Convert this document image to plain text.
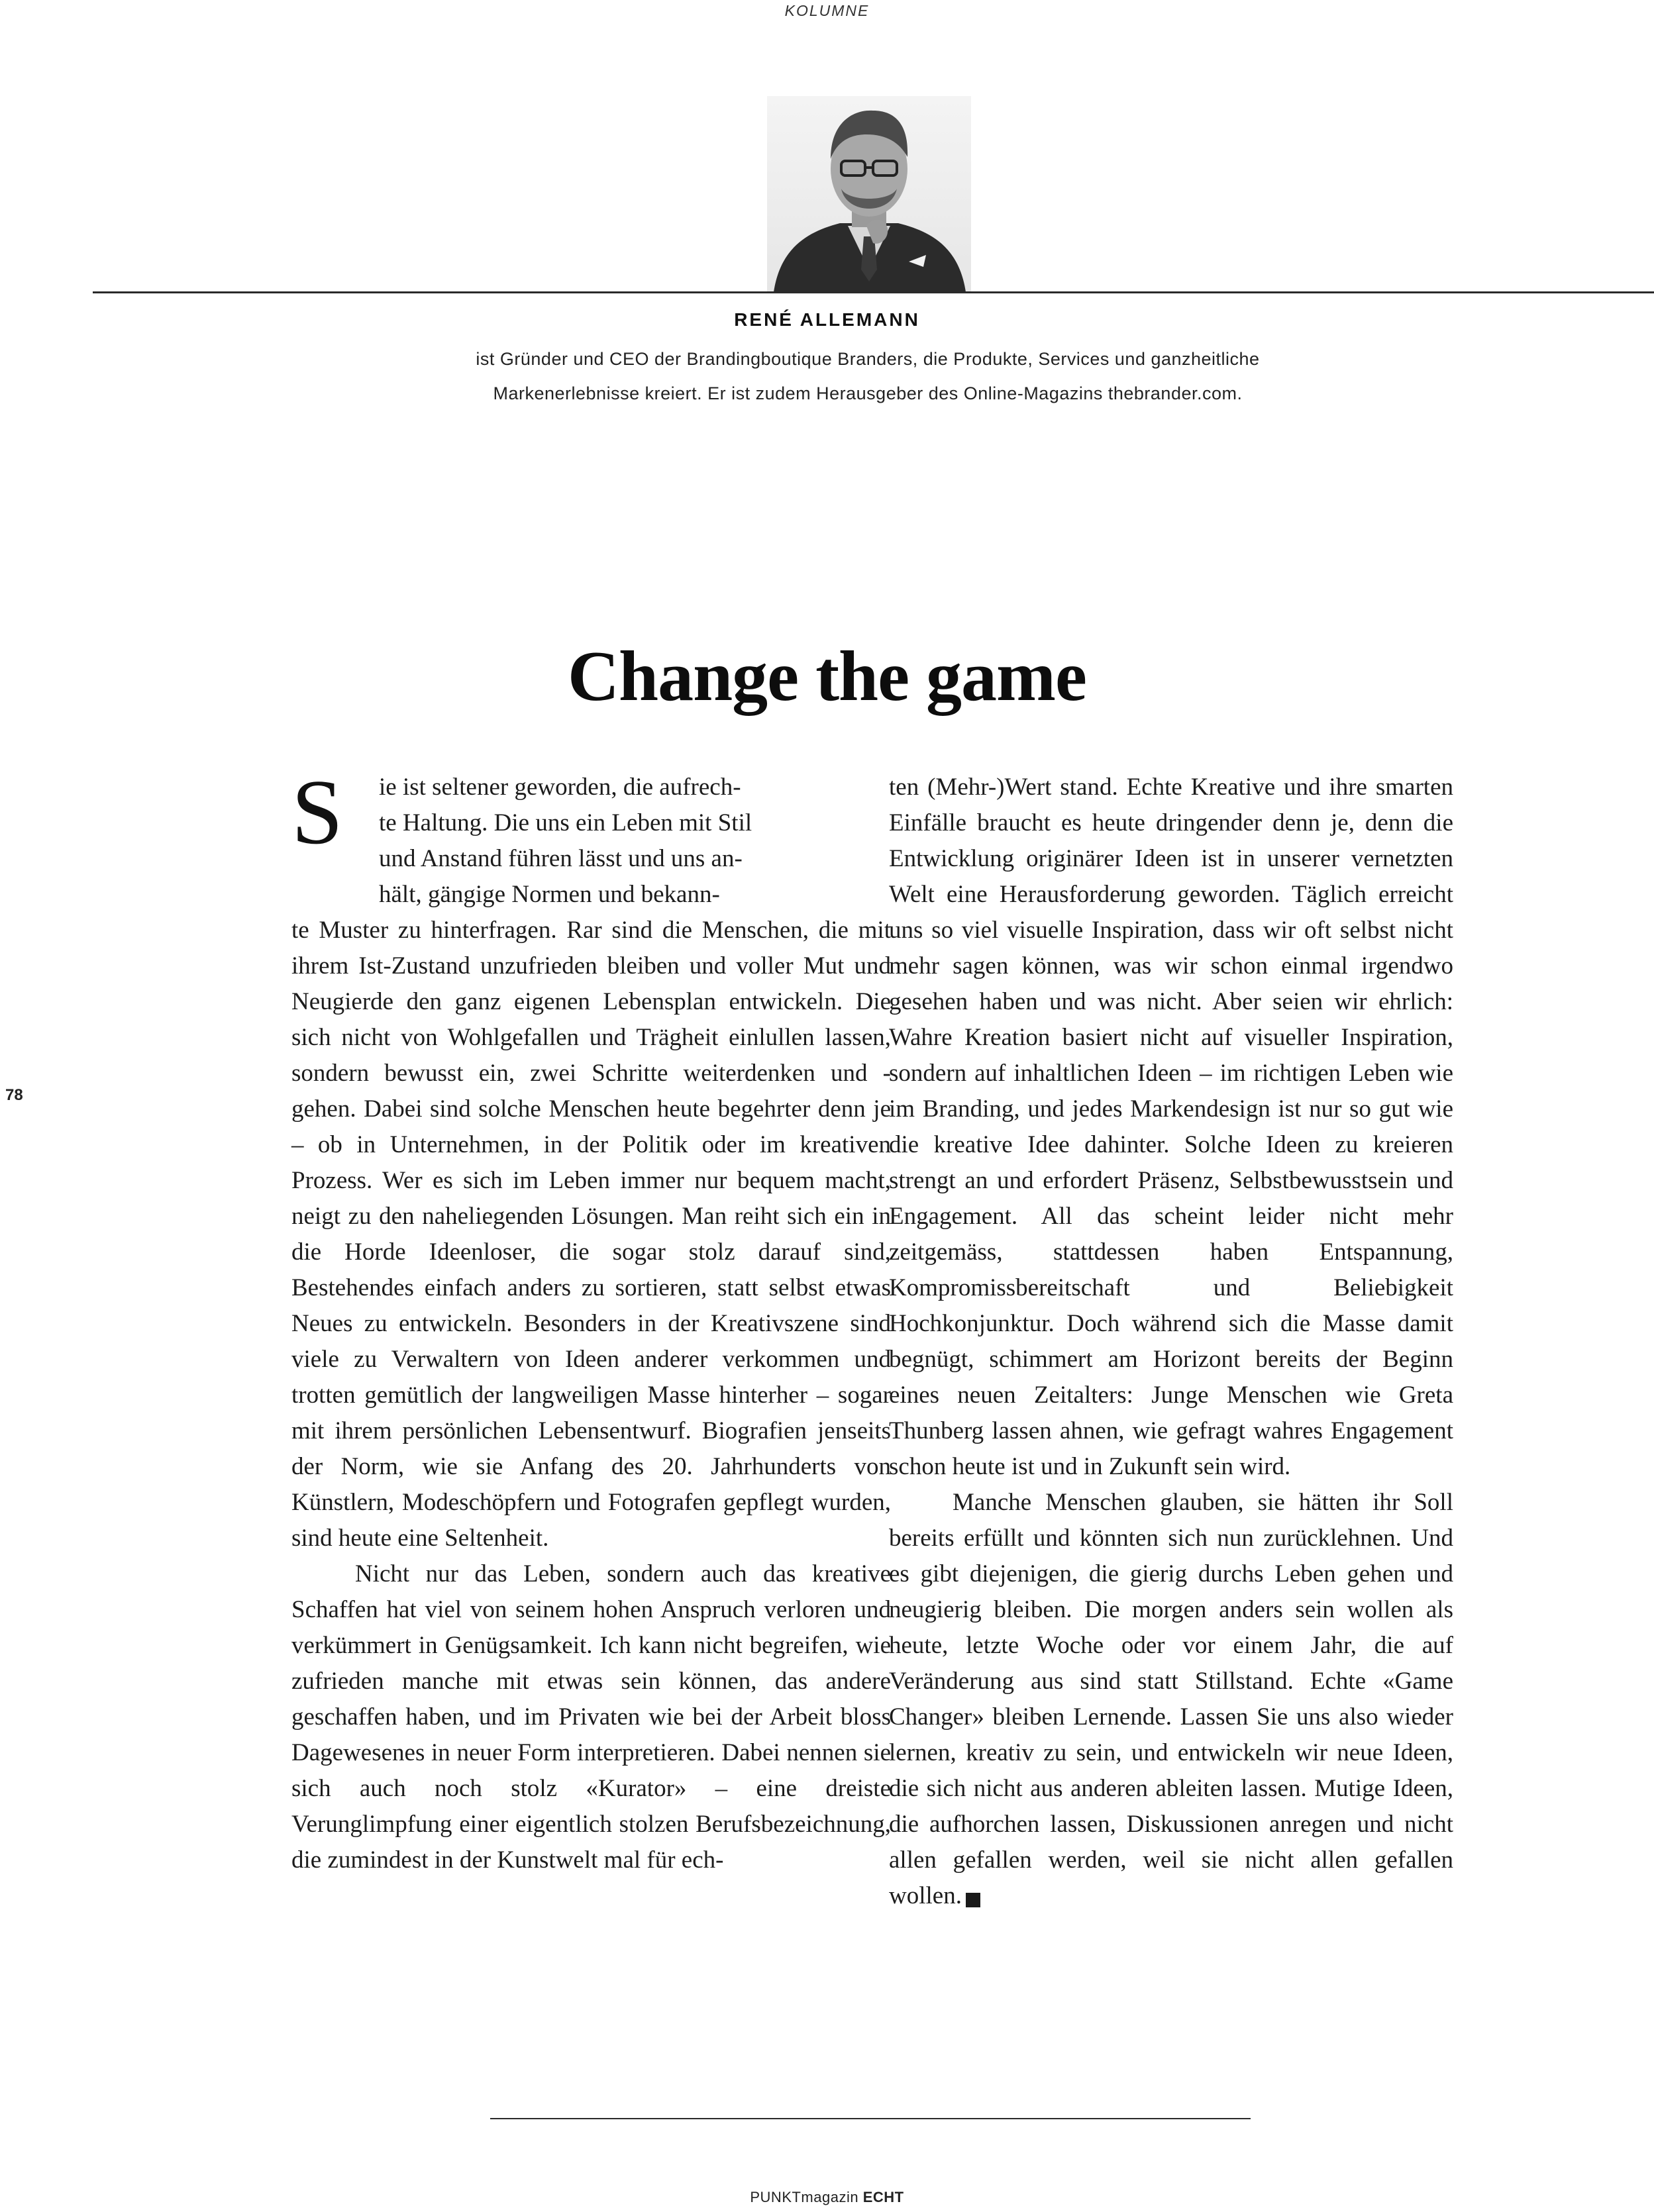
KOLUMNE
RENÉ ALLEMANN
ist Gründer und CEO der Brandingboutique Branders, die Produkte, Services und ganzheitliche
Markenerlebnisse kreiert. Er ist zudem Herausgeber des Online-Magazins thebrander.com.
Change the game

S	ie ist seltener geworden, die aufrech-
te Haltung. Die uns ein Leben mit Stil
und Anstand führen lässt und uns an-
hält, gängige Normen und bekann-
te Muster zu hinterfragen. Rar sind die Menschen, die mit ihrem Ist-Zustand unzufrieden bleiben und voller Mut und Neugierde den ganz eigenen Lebensplan entwickeln. Die sich nicht von Wohlgefallen und Trägheit einlullen lassen, sondern bewusst ein, zwei Schritte weiterdenken und -gehen. Dabei sind solche Menschen heute begehrter denn je – ob in Unternehmen, in der Politik oder im kreativen Prozess. Wer es sich im Leben immer nur bequem macht, neigt zu den naheliegenden Lösungen. Man reiht sich ein in die Horde Ideenloser, die sogar stolz darauf sind, Bestehendes einfach anders zu sortieren, statt selbst etwas Neues zu entwickeln. Besonders in der Kreativszene sind viele zu Verwaltern von Ideen anderer verkommen und trotten gemütlich der langweiligen Masse hinterher – sogar mit ihrem persönlichen Lebensentwurf. Biografien jenseits der Norm, wie sie Anfang des 20. Jahrhunderts von Künstlern, Modeschöpfern und Fotografen gepflegt wurden, sind heute eine Seltenheit.

Nicht nur das Leben, sondern auch das kreative Schaffen hat viel von seinem hohen Anspruch verloren und verkümmert in Genügsamkeit. Ich kann nicht begreifen, wie zufrieden manche mit etwas sein können, das andere geschaffen haben, und im Privaten wie bei der Arbeit bloss Dagewesenes in neuer Form interpretieren. Dabei nennen sie sich auch noch stolz «Kurator» – eine dreiste Verunglimpfung einer eigentlich stolzen Berufsbezeichnung, die zumindest in der Kunstwelt mal für ech-

ten (Mehr-)Wert stand. Echte Kreative und ihre smarten Einfälle braucht es heute dringender denn je, denn die Entwicklung originärer Ideen ist in unserer vernetzten Welt eine Herausforderung geworden. Täglich erreicht uns so viel visuelle Inspiration, dass wir oft selbst nicht mehr sagen können, was wir schon einmal irgendwo gesehen haben und was nicht. Aber seien wir ehrlich: Wahre Kreation basiert nicht auf visueller Inspiration, sondern auf inhaltlichen Ideen – im richtigen Leben wie im Branding, und jedes Markendesign ist nur so gut wie die kreative Idee dahinter. Solche Ideen zu kreieren strengt an und erfordert Präsenz, Selbstbewusstsein und Engagement. All das scheint leider nicht mehr zeitgemäss, stattdessen haben Entspannung, Kompromissbereitschaft und Beliebigkeit Hochkonjunktur. Doch während sich die Masse damit begnügt, schimmert am Horizont bereits der Beginn eines neuen Zeitalters: Junge Menschen wie Greta Thunberg lassen ahnen, wie gefragt wahres Engagement schon heute ist und in Zukunft sein wird.

Manche Menschen glauben, sie hätten ihr Soll bereits erfüllt und könnten sich nun zurücklehnen. Und es gibt diejenigen, die gierig durchs Leben gehen und neugierig bleiben. Die morgen anders sein wollen als heute, letzte Woche oder vor einem Jahr, die auf Veränderung aus sind statt Stillstand. Echte «Game Changer» bleiben Lernende. Lassen Sie uns also wieder lernen, kreativ zu sein, und entwickeln wir neue Ideen, die sich nicht aus anderen ableiten lassen. Mutige Ideen, die aufhorchen lassen, Diskussionen anregen und nicht allen gefallen werden, weil sie nicht allen gefallen wollen.	✕

78
PUNKTmagazin ECHT
